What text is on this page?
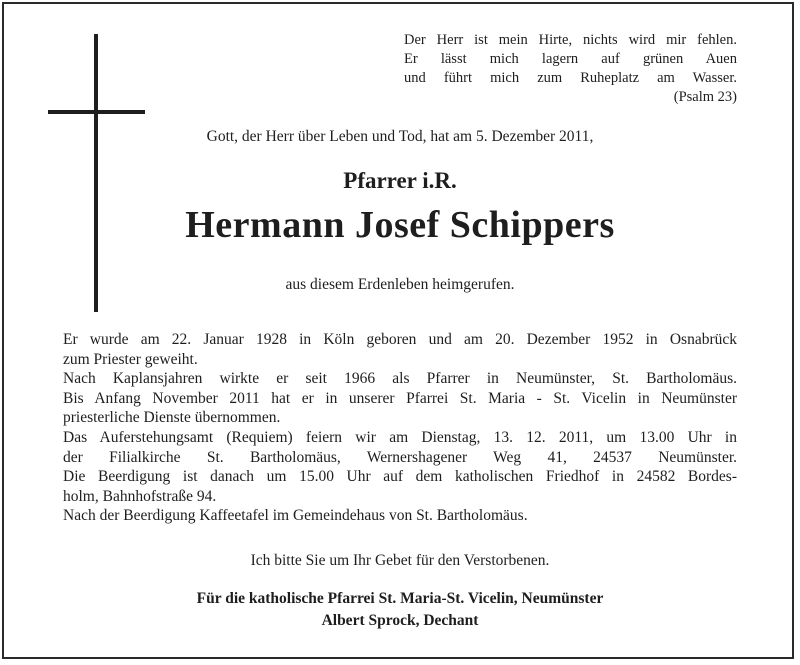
Der Herr ist mein Hirte, nichts wird mir fehlen.
Er lässt mich lagern auf grünen Auen
und führt mich zum Ruheplatz am Wasser.
(Psalm 23)
Gott, der Herr über Leben und Tod, hat am 5. Dezember 2011,
Pfarrer i.R.
Hermann Josef Schippers
aus diesem Erdenleben heimgerufen.
Er wurde am 22. Januar 1928 in Köln geboren und am 20. Dezember 1952 in Osnabrück
zum Priester geweiht.
Nach Kaplansjahren wirkte er seit 1966 als Pfarrer in Neumünster, St. Bartholomäus.
Bis Anfang November 2011 hat er in unserer Pfarrei St. Maria - St. Vicelin in Neumünster
priesterliche Dienste übernommen.
Das Auferstehungsamt (Requiem) feiern wir am Dienstag, 13. 12. 2011, um 13.00 Uhr in
der Filialkirche St. Bartholomäus, Wernershagener Weg 41, 24537 Neumünster.
Die Beerdigung ist danach um 15.00 Uhr auf dem katholischen Friedhof in 24582 Bordes-
holm, Bahnhofstraße 94.
Nach der Beerdigung Kaffeetafel im Gemeindehaus von St. Bartholomäus.
Ich bitte Sie um Ihr Gebet für den Verstorbenen.
Für die katholische Pfarrei St. Maria-St. Vicelin, Neumünster
Albert Sprock, Dechant
